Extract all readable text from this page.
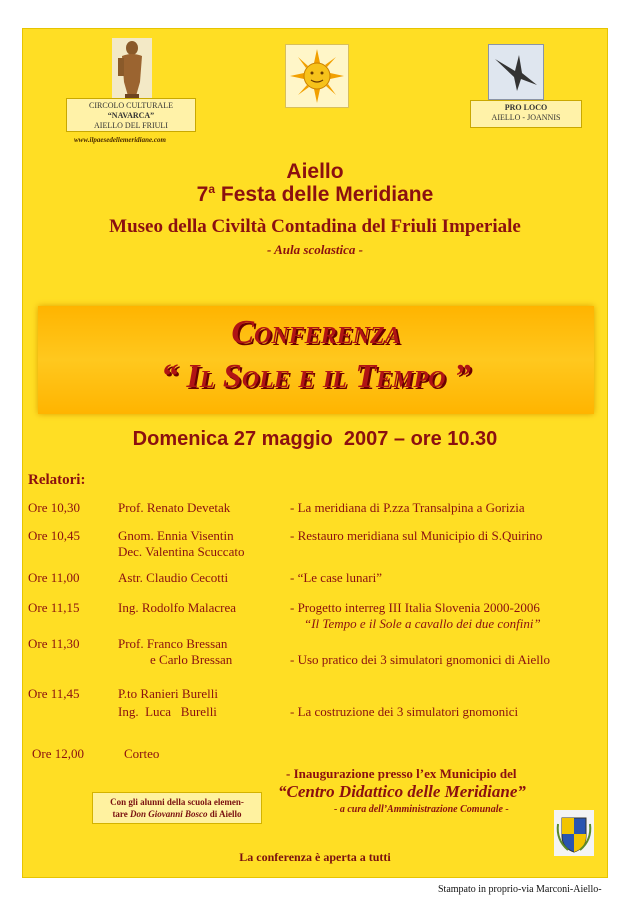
CIRCOLO CULTURALE
“NAVARCA”
AIELLO DEL FRIULI
www.ilpaesedellemeridiane.com
PRO LOCO
AIELLO - JOANNIS
Aiello
7$^a$ Festa delle Meridiane
Museo della Civiltà Contadina del Friuli Imperiale
- Aula scolastica -
Conferenza
“ Il Sole e il Tempo ”
Domenica 27 maggio  2007 – ore 10.30
Relatori:
Ore 10,30	Prof. Renato Devetak	- La meridiana di P.zza Transalpina a Gorizia
Ore 10,45	Gnom. Ennia Visentin	- Restauro meridiana sul Municipio di S.Quirino
Dec. Valentina Scuccato
Ore 11,00	Astr. Claudio Cecotti	- “Le case lunari”
Ore 11,15	Ing. Rodolfo Malacrea	- Progetto interreg III Italia Slovenia 2000-2006
“Il Tempo e il Sole a cavallo dei due confini”
Ore 11,30	Prof. Franco Bressan
e Carlo Bressan	- Uso pratico dei 3 simulatori gnomonici di Aiello
Ore 11,45	P.to Ranieri Burelli
Ing.  Luca   Burelli	- La costruzione dei 3 simulatori gnomonici
Ore 12,00	Corteo
- Inaugurazione presso l’ex Municipio del
“Centro Didattico delle Meridiane”
- a cura dell’Amministrazione Comunale -
Con gli alunni della scuola elemen-
tare Don Giovanni Bosco di Aiello
La conferenza è aperta a tutti
Stampato in proprio-via Marconi-Aiello-
